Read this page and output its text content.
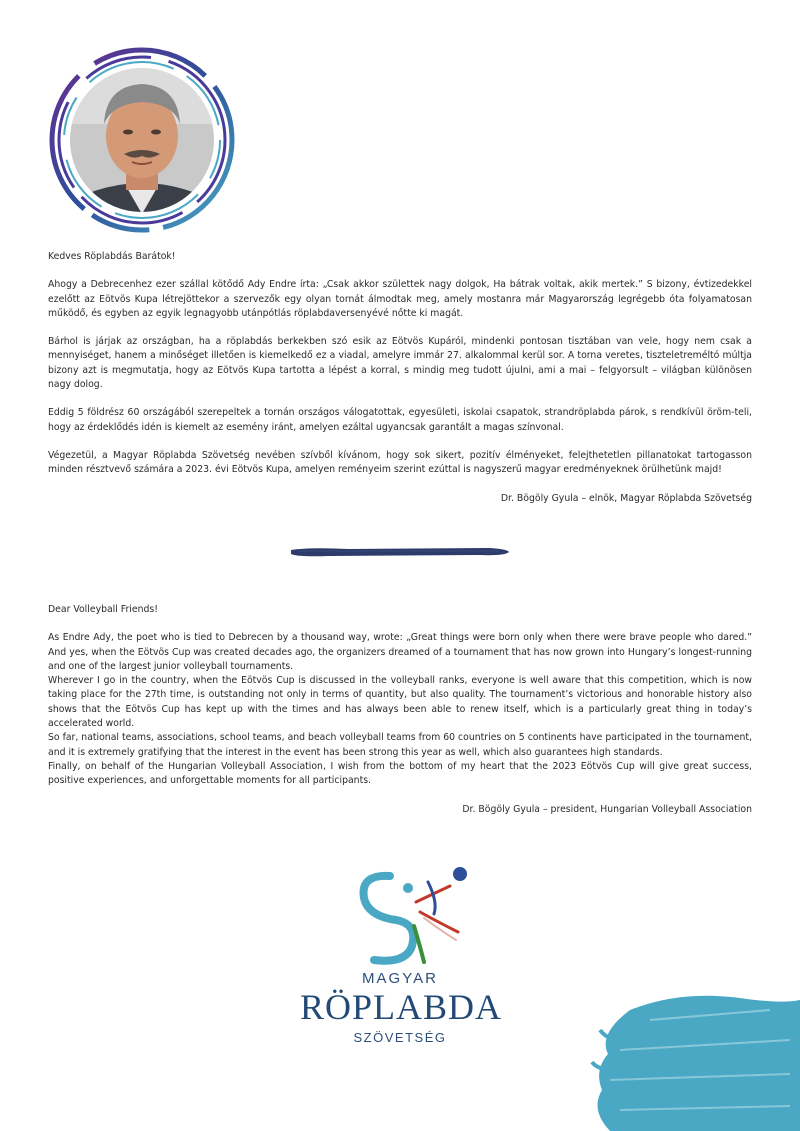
Kedves Röplabdás Barátok!

Ahogy a Debrecenhez ezer szállal kötődő Ady Endre írta: „Csak akkor születtek nagy dolgok, Ha bátrak voltak, akik mertek.” S bizony, évtizedekkel ezelőtt az Eötvös Kupa létrejöttekor a szervezők egy olyan tornát álmodtak meg, amely mostanra már Magyarország legrégebb óta folyamatosan működő, és egyben az egyik legnagyobb utánpótlás röplabdaversenyévé nőtte ki magát.

Bárhol is járjak az országban, ha a röplabdás berkekben szó esik az Eötvös Kupáról, mindenki pontosan tisztában van vele, hogy nem csak a mennyiséget, hanem a minőséget illetően is kiemelkedő ez a viadal, amelyre immár 27. alkalommal kerül sor. A torna veretes, tiszteletreméltó múltja bizony azt is megmutatja, hogy az Eötvös Kupa tartotta a lépést a korral, s mindig meg tudott újulni, ami a mai – felgyorsult – világban különösen nagy dolog.

Eddig 5 földrész 60 országából szerepeltek a tornán országos válogatottak, egyesületi, iskolai csapatok, strandröplabda párok, s rendkívül öröm-teli, hogy az érdeklődés idén is kiemelt az esemény iránt, amelyen ezáltal ugyancsak garantált a magas színvonal.

Végezetül, a Magyar Röplabda Szövetség nevében szívből kívánom, hogy sok sikert, pozitív élményeket, felejthetetlen pillanatokat tartogasson minden résztvevő számára a 2023. évi Eötvös Kupa, amelyen reményeim szerint ezúttal is nagyszerű magyar eredményeknek örülhetünk majd!

Dr. Bögöly Gyula – elnök, Magyar Röplabda Szövetség

Dear Volleyball Friends!

As Endre Ady, the poet who is tied to Debrecen by a thousand way, wrote: „Great things were born only when there were brave people who dared.” And yes, when the Eötvös Cup was created decades ago, the organizers dreamed of a tournament that has now grown into Hungary’s longest-running and one of the largest junior volleyball tournaments.

Wherever I go in the country, when the Eötvös Cup is discussed in the volleyball ranks, everyone is well aware that this competition, which is now taking place for the 27th time, is outstanding not only in terms of quantity, but also quality. The tournament’s victorious and honorable history also shows that the Eötvös Cup has kept up with the times and has always been able to renew itself, which is a particularly great thing in today’s accelerated world.

So far, national teams, associations, school teams, and beach volleyball teams from 60 countries on 5 continents have participated in the tournament, and it is extremely gratifying that the interest in the event has been strong this year as well, which also guarantees high standards.

Finally, on behalf of the Hungarian Volleyball Association, I wish from the bottom of my heart that the 2023 Eötvös Cup will give great success, positive experiences, and unforgettable moments for all participants.

Dr. Bögöly Gyula – president, Hungarian Volleyball Association

MAGYAR
RÖPLABDA
SZÖVETSÉG
